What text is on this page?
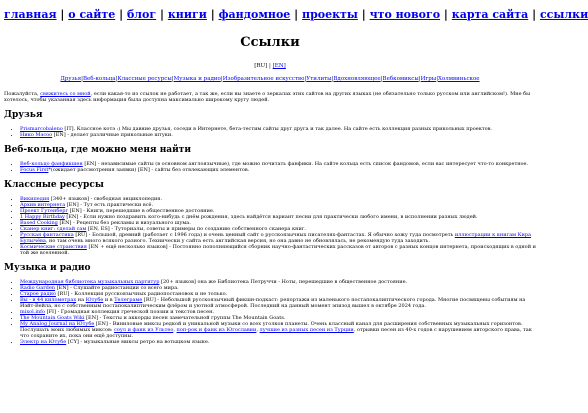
главная | о сайте | блог | книги | фандомное | проекты | что нового | карта сайта | ссылки
Ссылки
[RU] | [EN]
Друзья|Веб-кольца|Классные ресурсы|Музыка и радио|Изобразительное искусство|Утилиты|Вдохновляющее|Вебкомиксы|Игры|Холмвиньское
Пожалуйста, свяжитесь со мной, если какая-то из ссылок не работает, а так же, если вы знаете о зеркалах этих сайтов на других языках (не обязательно только русском или английском!). Мне бы хотелось, чтобы указанная здесь информация была доступна максимально широкому кругу людей.
Друзья
• Prismarcobaleno [IT]. Классное котэ :) Мы давние друзья, соседи в Интернете, бета-тестим сайты друг друга и так далее. На сайте есть коллекция разных прикольных проектов.
• Нико Мэсоо [EN] - делает различные прикольные штуки.
Веб-кольца, где можно меня найти
• Веб-кольцо фанфикшен [EN] - независимые сайты (в основном англоязычные), где можно почитать фанфики. На сайте кольца есть список фандомов, если вас интересует что-то конкретное.
• Focus First*(ожидает рассмотрения заявки) [EN] - сайты без отвлекающих элементов.
Классные ресурсы
• Википедия [340+ языков] - свободная энциклопедия.
• Архив интернета [EN] - Тут есть практически всё.
• Проект Гутенберг [EN] - Книги, перешедшие в общественное достояние.
• 1 Happy Birthday [EN] - Если нужно поздравить кого-нибудь с днём рождения, здесь найдётся вариант песни для практически любого имени, в исполнении разных людей.
• Based Cooking [EN] - Рецепты без рекламы и визуального шума.
• Сканер книг: сделай сам [EN, ES] - Туториалы, советы и примеры по созданию собственного сканера книг.
• Русская фантастика [RU] - Большой, древний (работает с 1996 года) и очень ценный сайт о русскоязычных писателях-фантастах. Я обычно хожу туда посмотреть иллюстрации к книгам Кира Булычёва, но там очень много всякого разного. Технически у сайта есть английская версия, но она давно не обновлялась, не рекомендую туда заходить.
• Космические странствия [EN + ещё несколько языков] - Постоянно пополняющийся сборник научно-фантастических рассказов от авторов с разных концов интернета, происходящих в одной и той же вселенной.
Музыка и радио
• Международная библиотека музыкальных партитур [20+ языков] она же Библиотека Петруччи - Ноты, перешедшие в общественное достояние.
• Radio Garden [EN] - Слушайте радиостанции со всего мира.
• Старое радио [RU] - Коллекция русскоязычных радиопостановок и не только.
• Вы - в 44 километрах на Ютубе и в Телеграме [RU] - Небольшой русскоязычный фикшн-подкаст: репортажи из маленького постапокалиптического города. Многие посвящены событиям на Иэйт-Вейла, но с собственным постапокалиптическим флёром и уютной атмосферой. Последний на данный момент эпизод вышел в октябре 2024 года.
• mixol.info [FI] - Громадная коллекция греческой поэзии и текстов песен.
• The Mountain Goats Wiki [EN] - Тексты и аккорды песен замечательной группы The Mountain Goats.
• My Analog Journal на Ютубе [EN] - Виниловые миксы редкой и уникальной музыки со всех уголков планеты. Очень классный канал для расширения собственных музыкальных горизонтов. Послушать моих любимых миксов: соул и фанк из Ультео, поп-рок и фанк из Югославии, лучшие из разных песен из Турции, отрывки песен из 40-х годов с нарушением авторского права, так что сохраните их, пока они ещё доступны.
• Электр на Ютубе [CY] - музыкальные миксы ретро на вотыцком языке.
